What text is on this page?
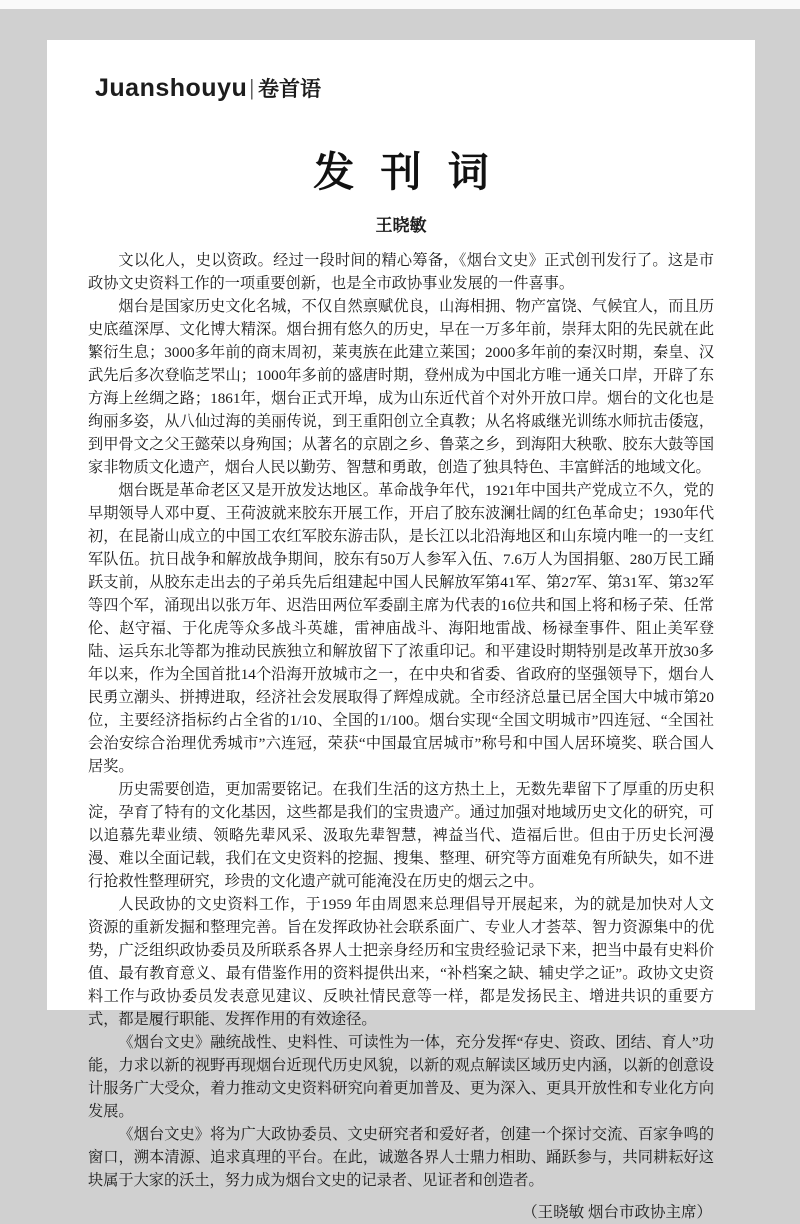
Juanshouyu | 卷首语
发 刊 词
王晓敏

文以化人，史以资政。经过一段时间的精心筹备，《烟台文史》正式创刊发行了。这是市政协文史资料工作的一项重要创新，也是全市政协事业发展的一件喜事。

烟台是国家历史文化名城，不仅自然禀赋优良，山海相拥、物产富饶、气候宜人，而且历史底蕴深厚、文化博大精深。烟台拥有悠久的历史，早在一万多年前，崇拜太阳的先民就在此繁衍生息；3000多年前的商末周初，莱夷族在此建立莱国；2000多年前的秦汉时期，秦皇、汉武先后多次登临芝罘山；1000年多前的盛唐时期，登州成为中国北方唯一通关口岸，开辟了东方海上丝绸之路；1861年，烟台正式开埠，成为山东近代首个对外开放口岸。烟台的文化也是绚丽多姿，从八仙过海的美丽传说，到王重阳创立全真教；从名将戚继光训练水师抗击倭寇，到甲骨文之父王懿荣以身殉国；从著名的京剧之乡、鲁菜之乡，到海阳大秧歌、胶东大鼓等国家非物质文化遗产，烟台人民以勤劳、智慧和勇敢，创造了独具特色、丰富鲜活的地域文化。

烟台既是革命老区又是开放发达地区。革命战争年代，1921年中国共产党成立不久，党的早期领导人邓中夏、王荷波就来胶东开展工作，开启了胶东波澜壮阔的红色革命史；1930年代初，在昆嵛山成立的中国工农红军胶东游击队，是长江以北沿海地区和山东境内唯一的一支红军队伍。抗日战争和解放战争期间，胶东有50万人参军入伍、7.6万人为国捐躯、280万民工踊跃支前，从胶东走出去的子弟兵先后组建起中国人民解放军第41军、第27军、第31军、第32军等四个军，涌现出以张万年、迟浩田两位军委副主席为代表的16位共和国上将和杨子荣、任常伦、赵守福、于化虎等众多战斗英雄，雷神庙战斗、海阳地雷战、杨禄奎事件、阻止美军登陆、运兵东北等都为推动民族独立和解放留下了浓重印记。和平建设时期特别是改革开放30多年以来，作为全国首批14个沿海开放城市之一，在中央和省委、省政府的坚强领导下，烟台人民勇立潮头、拼搏进取，经济社会发展取得了辉煌成就。全市经济总量已居全国大中城市第20位，主要经济指标约占全省的1/10、全国的1/100。烟台实现“全国文明城市”四连冠、“全国社会治安综合治理优秀城市”六连冠，荣获“中国最宜居城市”称号和中国人居环境奖、联合国人居奖。

历史需要创造，更加需要铭记。在我们生活的这方热土上，无数先辈留下了厚重的历史积淀，孕育了特有的文化基因，这些都是我们的宝贵遗产。通过加强对地域历史文化的研究，可以追慕先辈业绩、领略先辈风采、汲取先辈智慧，裨益当代、造福后世。但由于历史长河漫漫、难以全面记载，我们在文史资料的挖掘、搜集、整理、研究等方面难免有所缺失，如不进行抢救性整理研究，珍贵的文化遗产就可能淹没在历史的烟云之中。

人民政协的文史资料工作，于1959 年由周恩来总理倡导开展起来，为的就是加快对人文资源的重新发掘和整理完善。旨在发挥政协社会联系面广、专业人才荟萃、智力资源集中的优势，广泛组织政协委员及所联系各界人士把亲身经历和宝贵经验记录下来，把当中最有史料价值、最有教育意义、最有借鉴作用的资料提供出来，“补档案之缺、辅史学之证”。政协文史资料工作与政协委员发表意见建议、反映社情民意等一样，都是发扬民主、增进共识的重要方式，都是履行职能、发挥作用的有效途径。

《烟台文史》融统战性、史料性、可读性为一体，充分发挥“存史、资政、团结、育人”功能，力求以新的视野再现烟台近现代历史风貌，以新的观点解读区域历史内涵，以新的创意设计服务广大受众，着力推动文史资料研究向着更加普及、更为深入、更具开放性和专业化方向发展。

《烟台文史》将为广大政协委员、文史研究者和爱好者，创建一个探讨交流、百家争鸣的窗口，溯本清源、追求真理的平台。在此，诚邀各界人士鼎力相助、踊跃参与，共同耕耘好这块属于大家的沃土，努力成为烟台文史的记录者、见证者和创造者。

（王晓敏 烟台市政协主席）
